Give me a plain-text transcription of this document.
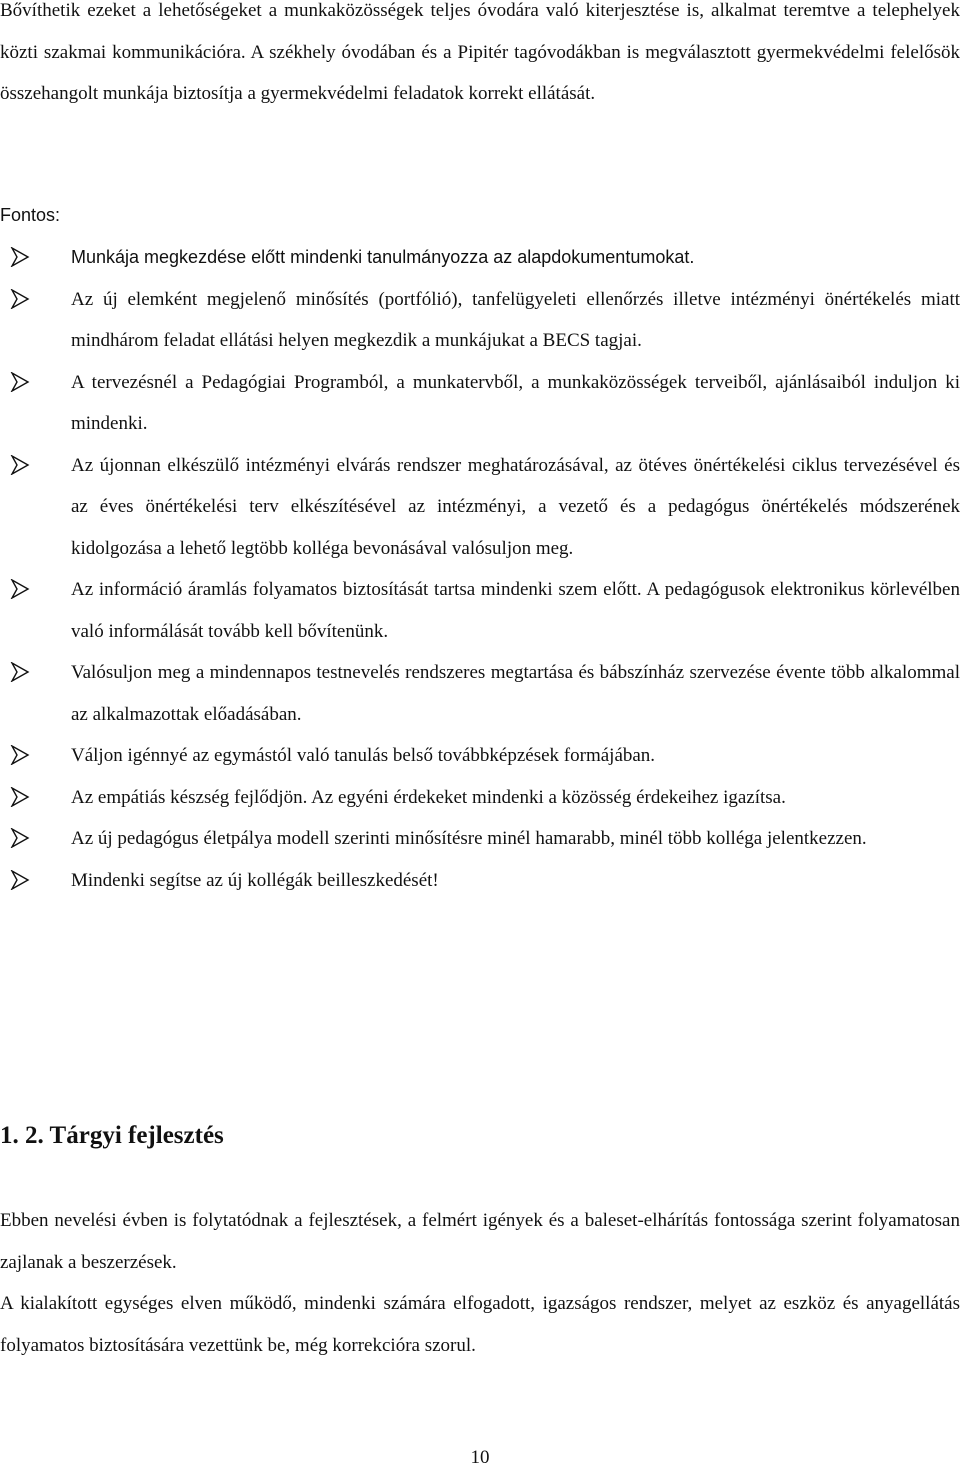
Bővíthetik ezeket a lehetőségeket a munkaközösségek teljes óvodára való kiterjesztése is, alkalmat teremtve a telephelyek közti szakmai kommunikációra. A székhely óvodában és a Pipitér tagóvodákban is megválasztott gyermekvédelmi felelősök összehangolt munkája biztosítja a gyermekvédelmi feladatok korrekt ellátását.

Fontos:
Munkája megkezdése előtt mindenki tanulmányozza az alapdokumentumokat.
Az új elemként megjelenő minősítés (portfólió), tanfelügyeleti ellenőrzés illetve intézményi önértékelés miatt mindhárom feladat ellátási helyen megkezdik a munkájukat a BECS tagjai.
A tervezésnél a Pedagógiai Programból, a munkatervből, a munkaközösségek terveiből, ajánlásaiból induljon ki mindenki.
Az újonnan elkészülő intézményi elvárás rendszer meghatározásával, az ötéves önértékelési ciklus tervezésével és az éves önértékelési terv elkészítésével az intézményi, a vezető és a pedagógus önértékelés módszerének kidolgozása a lehető legtöbb kolléga bevonásával valósuljon meg.
Az információ áramlás folyamatos biztosítását tartsa mindenki szem előtt. A pedagógusok elektronikus körlevélben való informálását tovább kell bővítenünk.
Valósuljon meg a mindennapos testnevelés rendszeres megtartása és bábszínház szervezése évente több alkalommal az alkalmazottak előadásában.
Váljon igénnyé az egymástól való tanulás belső továbbképzések formájában.
Az empátiás készség fejlődjön. Az egyéni érdekeket mindenki a közösség érdekeihez igazítsa.
Az új pedagógus életpálya modell szerinti minősítésre minél hamarabb, minél több kolléga jelentkezzen.
Mindenki segítse az új kollégák beilleszkedését!
1. 2. Tárgyi fejlesztés

Ebben nevelési évben is folytatódnak a fejlesztések, a felmért igények és a baleset-elhárítás fontossága szerint folyamatosan zajlanak a beszerzések.

A kialakított egységes elven működő, mindenki számára elfogadott, igazságos rendszer, melyet az eszköz és anyagellátás folyamatos biztosítására vezettünk be, még korrekcióra szorul.

10
